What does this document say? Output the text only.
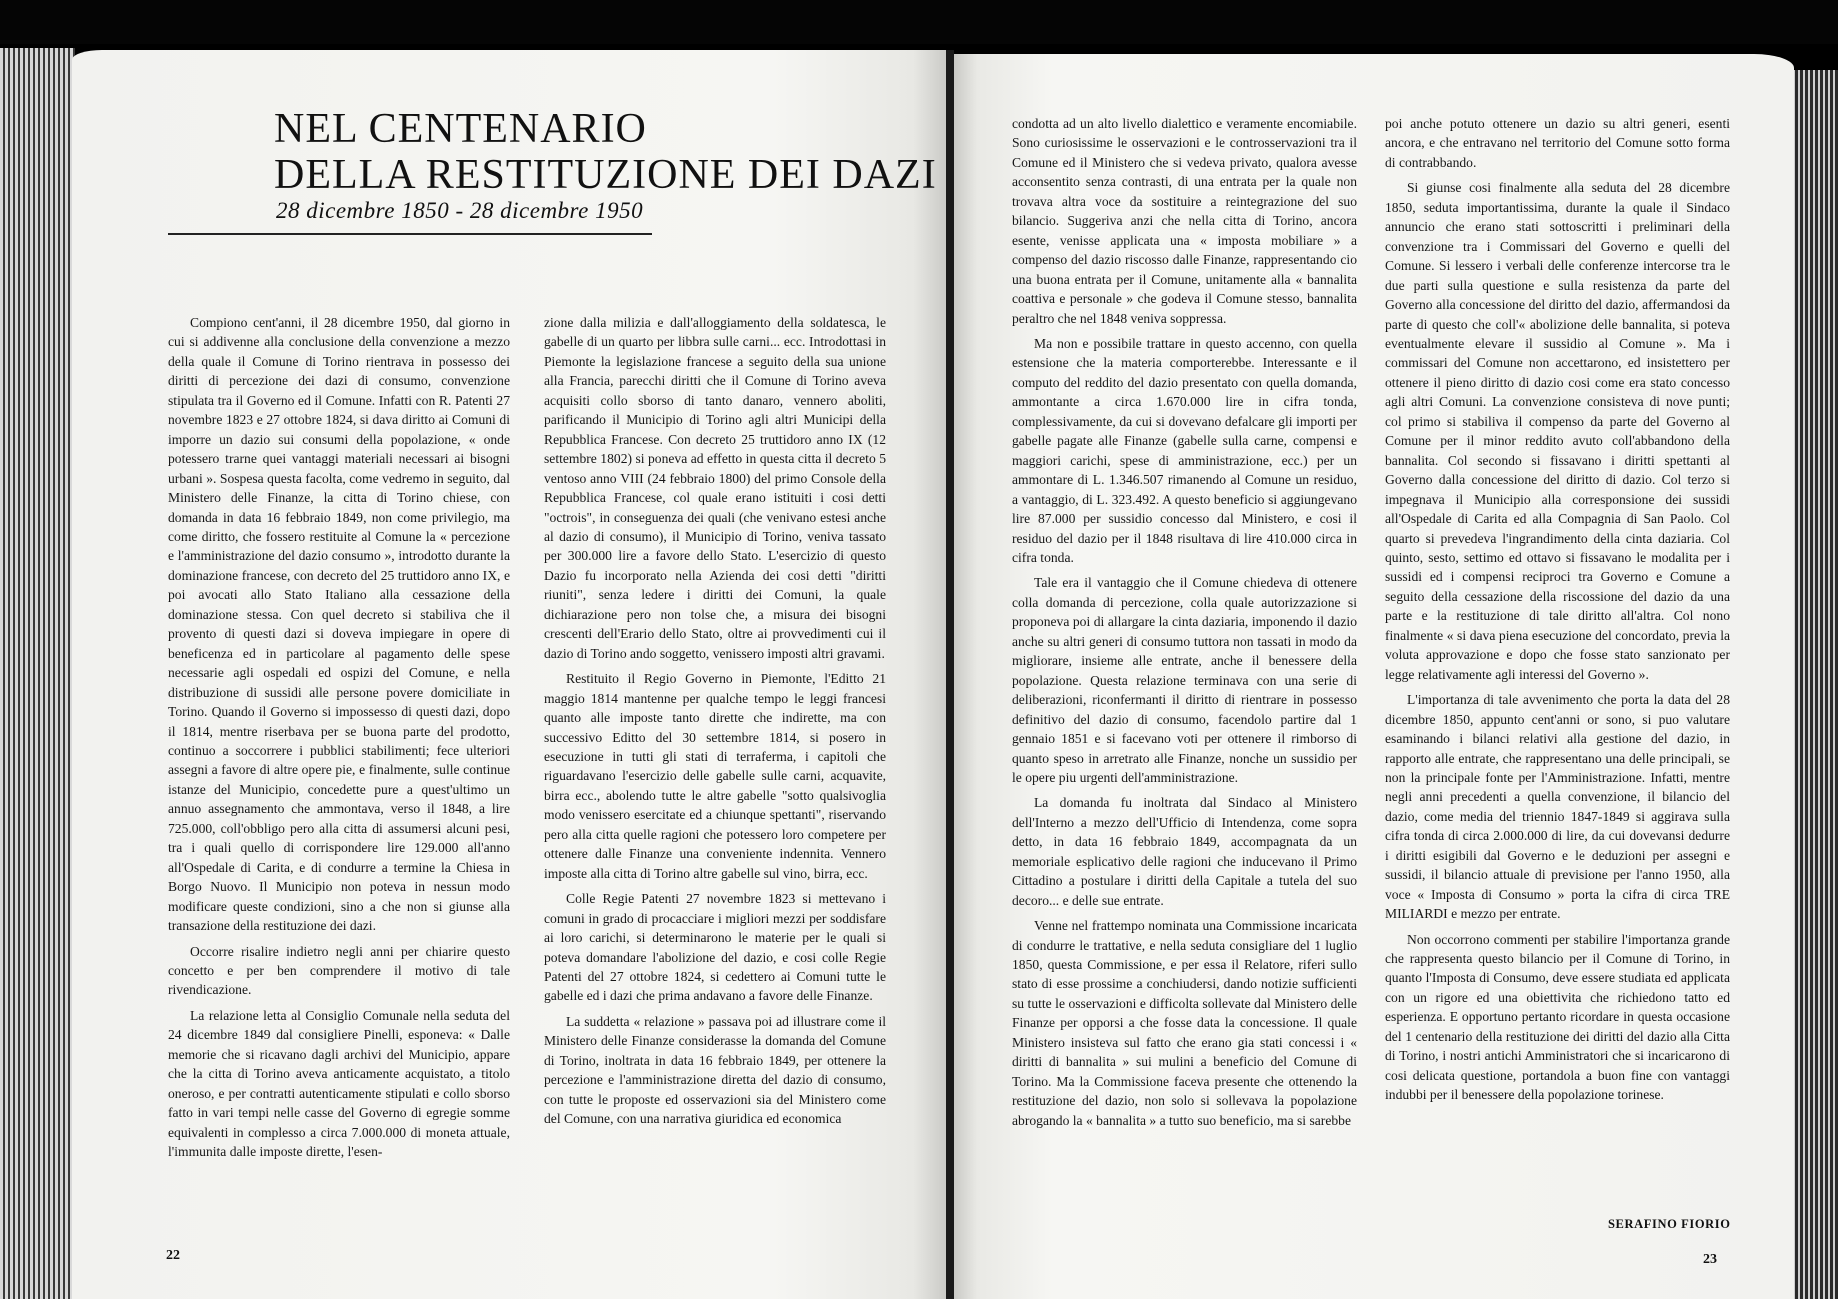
NEL CENTENARIO
DELLA RESTITUZIONE DEI DAZI
28 dicembre 1850 - 28 dicembre 1950

Compiono cent'anni, il 28 dicembre 1950, dal giorno in cui si addivenne alla conclusione della convenzione a mezzo della quale il Comune di Torino rientrava in possesso dei diritti di percezione dei dazi di consumo, convenzione stipulata tra il Governo ed il Comune. Infatti con R. Patenti 27 novembre 1823 e 27 ottobre 1824, si dava diritto ai Comuni di imporre un dazio sui consumi della popolazione, « onde potessero trarne quei vantaggi materiali necessari ai bisogni urbani ». Sospesa questa facolta, come vedremo in seguito, dal Ministero delle Finanze, la citta di Torino chiese, con domanda in data 16 febbraio 1849, non come privilegio, ma come diritto, che fossero restituite al Comune la « percezione e l'amministrazione del dazio consumo », introdotto durante la dominazione francese, con decreto del 25 truttidoro anno IX, e poi avocati allo Stato Italiano alla cessazione della dominazione stessa. Con quel decreto si stabiliva che il provento di questi dazi si doveva impiegare in opere di beneficenza ed in particolare al pagamento delle spese necessarie agli ospedali ed ospizi del Comune, e nella distribuzione di sussidi alle persone povere domiciliate in Torino. Quando il Governo si impossesso di questi dazi, dopo il 1814, mentre riserbava per se buona parte del prodotto, continuo a soccorrere i pubblici stabilimenti; fece ulteriori assegni a favore di altre opere pie, e finalmente, sulle continue istanze del Municipio, concedette pure a quest'ultimo un annuo assegnamento che ammontava, verso il 1848, a lire 725.000, coll'obbligo pero alla citta di assumersi alcuni pesi, tra i quali quello di corrispondere lire 129.000 all'anno all'Ospedale di Carita, e di condurre a termine la Chiesa in Borgo Nuovo. Il Municipio non poteva in nessun modo modificare queste condizioni, sino a che non si giunse alla transazione della restituzione dei dazi.

Occorre risalire indietro negli anni per chiarire questo concetto e per ben comprendere il motivo di tale rivendicazione.

La relazione letta al Consiglio Comunale nella seduta del 24 dicembre 1849 dal consigliere Pinelli, esponeva: « Dalle memorie che si ricavano dagli archivi del Municipio, appare che la citta di Torino aveva anticamente acquistato, a titolo oneroso, e per contratti autenticamente stipulati e collo sborso fatto in vari tempi nelle casse del Governo di egregie somme equivalenti in complesso a circa 7.000.000 di moneta attuale, l'immunita dalle imposte dirette, l'esen-

zione dalla milizia e dall'alloggiamento della soldatesca, le gabelle di un quarto per libbra sulle carni... ecc. Introdottasi in Piemonte la legislazione francese a seguito della sua unione alla Francia, parecchi diritti che il Comune di Torino aveva acquisiti collo sborso di tanto danaro, vennero aboliti, parificando il Municipio di Torino agli altri Municipi della Repubblica Francese. Con decreto 25 truttidoro anno IX (12 settembre 1802) si poneva ad effetto in questa citta il decreto 5 ventoso anno VIII (24 febbraio 1800) del primo Console della Repubblica Francese, col quale erano istituiti i cosi detti "octrois", in conseguenza dei quali (che venivano estesi anche al dazio di consumo), il Municipio di Torino, veniva tassato per 300.000 lire a favore dello Stato. L'esercizio di questo Dazio fu incorporato nella Azienda dei cosi detti "diritti riuniti", senza ledere i diritti dei Comuni, la quale dichiarazione pero non tolse che, a misura dei bisogni crescenti dell'Erario dello Stato, oltre ai provvedimenti cui il dazio di Torino ando soggetto, venissero imposti altri gravami.

Restituito il Regio Governo in Piemonte, l'Editto 21 maggio 1814 mantenne per qualche tempo le leggi francesi quanto alle imposte tanto dirette che indirette, ma con successivo Editto del 30 settembre 1814, si posero in esecuzione in tutti gli stati di terraferma, i capitoli che riguardavano l'esercizio delle gabelle sulle carni, acquavite, birra ecc., abolendo tutte le altre gabelle "sotto qualsivoglia modo venissero esercitate ed a chiunque spettanti", riservando pero alla citta quelle ragioni che potessero loro competere per ottenere dalle Finanze una conveniente indennita. Vennero imposte alla citta di Torino altre gabelle sul vino, birra, ecc.

Colle Regie Patenti 27 novembre 1823 si mettevano i comuni in grado di procacciare i migliori mezzi per soddisfare ai loro carichi, si determinarono le materie per le quali si poteva domandare l'abolizione del dazio, e cosi colle Regie Patenti del 27 ottobre 1824, si cedettero ai Comuni tutte le gabelle ed i dazi che prima andavano a favore delle Finanze.

La suddetta « relazione » passava poi ad illustrare come il Ministero delle Finanze considerasse la domanda del Comune di Torino, inoltrata in data 16 febbraio 1849, per ottenere la percezione e l'amministrazione diretta del dazio di consumo, con tutte le proposte ed osservazioni sia del Ministero come del Comune, con una narrativa giuridica ed economica

condotta ad un alto livello dialettico e veramente encomiabile. Sono curiosissime le osservazioni e le controsservazioni tra il Comune ed il Ministero che si vedeva privato, qualora avesse acconsentito senza contrasti, di una entrata per la quale non trovava altra voce da sostituire a reintegrazione del suo bilancio. Suggeriva anzi che nella citta di Torino, ancora esente, venisse applicata una « imposta mobiliare » a compenso del dazio riscosso dalle Finanze, rappresentando cio una buona entrata per il Comune, unitamente alla « bannalita coattiva e personale » che godeva il Comune stesso, bannalita peraltro che nel 1848 veniva soppressa.

Ma non e possibile trattare in questo accenno, con quella estensione che la materia comporterebbe. Interessante e il computo del reddito del dazio presentato con quella domanda, ammontante a circa 1.670.000 lire in cifra tonda, complessivamente, da cui si dovevano defalcare gli importi per gabelle pagate alle Finanze (gabelle sulla carne, compensi e maggiori carichi, spese di amministrazione, ecc.) per un ammontare di L. 1.346.507 rimanendo al Comune un residuo, a vantaggio, di L. 323.492. A questo beneficio si aggiungevano lire 87.000 per sussidio concesso dal Ministero, e cosi il residuo del dazio per il 1848 risultava di lire 410.000 circa in cifra tonda.

Tale era il vantaggio che il Comune chiedeva di ottenere colla domanda di percezione, colla quale autorizzazione si proponeva poi di allargare la cinta daziaria, imponendo il dazio anche su altri generi di consumo tuttora non tassati in modo da migliorare, insieme alle entrate, anche il benessere della popolazione. Questa relazione terminava con una serie di deliberazioni, riconfermanti il diritto di rientrare in possesso definitivo del dazio di consumo, facendolo partire dal 1 gennaio 1851 e si facevano voti per ottenere il rimborso di quanto speso in arretrato alle Finanze, nonche un sussidio per le opere piu urgenti dell'amministrazione.

La domanda fu inoltrata dal Sindaco al Ministero dell'Interno a mezzo dell'Ufficio di Intendenza, come sopra detto, in data 16 febbraio 1849, accompagnata da un memoriale esplicativo delle ragioni che inducevano il Primo Cittadino a postulare i diritti della Capitale a tutela del suo decoro... e delle sue entrate.

Venne nel frattempo nominata una Commissione incaricata di condurre le trattative, e nella seduta consigliare del 1 luglio 1850, questa Commissione, e per essa il Relatore, riferi sullo stato di esse prossime a conchiudersi, dando notizie sufficienti su tutte le osservazioni e difficolta sollevate dal Ministero delle Finanze per opporsi a che fosse data la concessione. Il quale Ministero insisteva sul fatto che erano gia stati concessi i « diritti di bannalita » sui mulini a beneficio del Comune di Torino. Ma la Commissione faceva presente che ottenendo la restituzione del dazio, non solo si sollevava la popolazione abrogando la « bannalita » a tutto suo beneficio, ma si sarebbe

poi anche potuto ottenere un dazio su altri generi, esenti ancora, e che entravano nel territorio del Comune sotto forma di contrabbando.

Si giunse cosi finalmente alla seduta del 28 dicembre 1850, seduta importantissima, durante la quale il Sindaco annuncio che erano stati sottoscritti i preliminari della convenzione tra i Commissari del Governo e quelli del Comune. Si lessero i verbali delle conferenze intercorse tra le due parti sulla questione e sulla resistenza da parte del Governo alla concessione del diritto del dazio, affermandosi da parte di questo che coll'« abolizione delle bannalita, si poteva eventualmente elevare il sussidio al Comune ». Ma i commissari del Comune non accettarono, ed insistettero per ottenere il pieno diritto di dazio cosi come era stato concesso agli altri Comuni. La convenzione consisteva di nove punti; col primo si stabiliva il compenso da parte del Governo al Comune per il minor reddito avuto coll'abbandono della bannalita. Col secondo si fissavano i diritti spettanti al Governo dalla concessione del diritto di dazio. Col terzo si impegnava il Municipio alla corresponsione dei sussidi all'Ospedale di Carita ed alla Compagnia di San Paolo. Col quarto si prevedeva l'ingrandimento della cinta daziaria. Col quinto, sesto, settimo ed ottavo si fissavano le modalita per i sussidi ed i compensi reciproci tra Governo e Comune a seguito della cessazione della riscossione del dazio da una parte e la restituzione di tale diritto all'altra. Col nono finalmente « si dava piena esecuzione del concordato, previa la voluta approvazione e dopo che fosse stato sanzionato per legge relativamente agli interessi del Governo ».

L'importanza di tale avvenimento che porta la data del 28 dicembre 1850, appunto cent'anni or sono, si puo valutare esaminando i bilanci relativi alla gestione del dazio, in rapporto alle entrate, che rappresentano una delle principali, se non la principale fonte per l'Amministrazione. Infatti, mentre negli anni precedenti a quella convenzione, il bilancio del dazio, come media del triennio 1847-1849 si aggirava sulla cifra tonda di circa 2.000.000 di lire, da cui dovevansi dedurre i diritti esigibili dal Governo e le deduzioni per assegni e sussidi, il bilancio attuale di previsione per l'anno 1950, alla voce « Imposta di Consumo » porta la cifra di circa TRE MILIARDI e mezzo per entrate.

Non occorrono commenti per stabilire l'importanza grande che rappresenta questo bilancio per il Comune di Torino, in quanto l'Imposta di Consumo, deve essere studiata ed applicata con un rigore ed una obiettivita che richiedono tatto ed esperienza. E opportuno pertanto ricordare in questa occasione del 1 centenario della restituzione dei diritti del dazio alla Citta di Torino, i nostri antichi Amministratori che si incaricarono di cosi delicata questione, portandola a buon fine con vantaggi indubbi per il benessere della popolazione torinese.

SERAFINO FIORIO
22	23
